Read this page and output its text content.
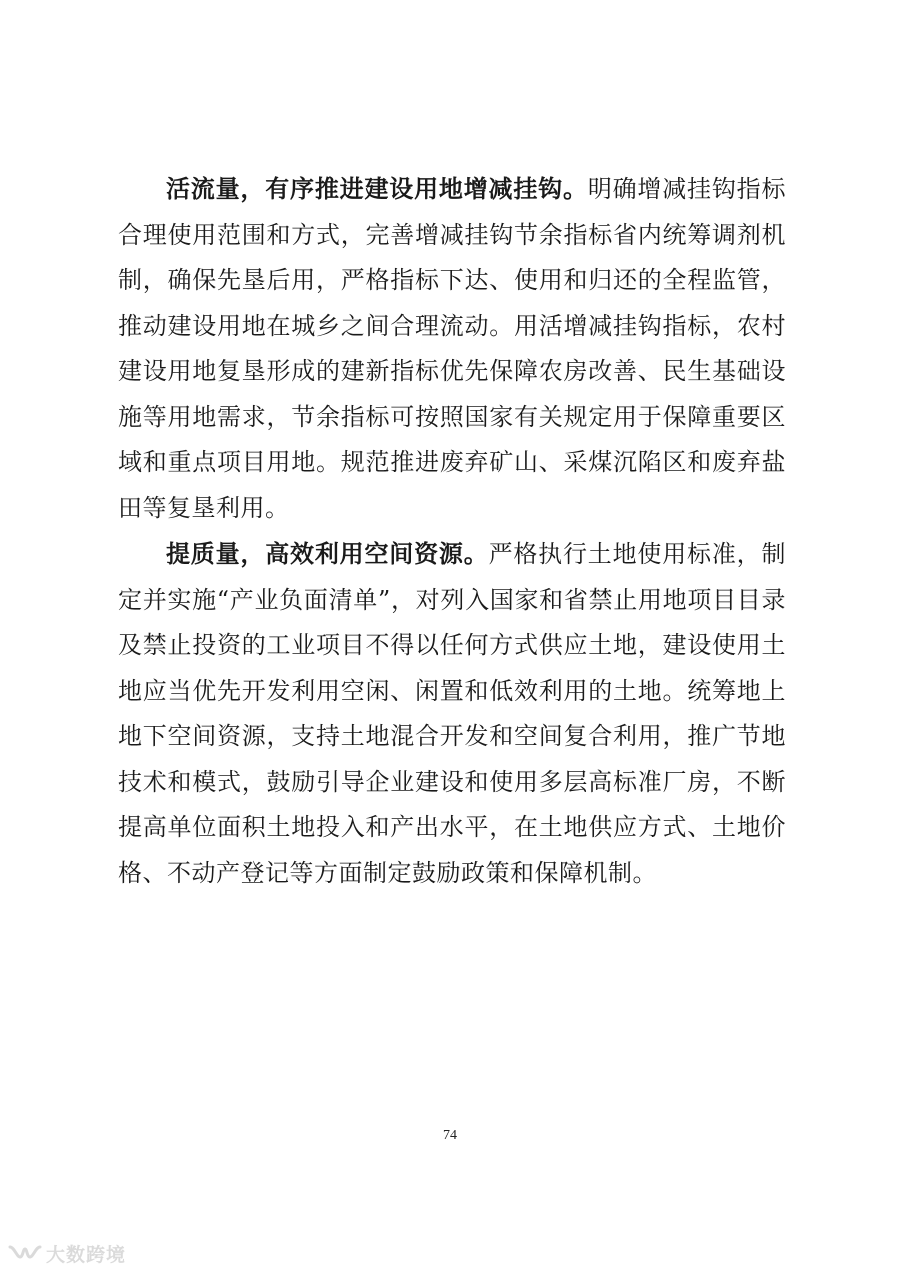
活流量，有序推进建设用地增减挂钩。明确增减挂钩指标合理使用范围和方式，完善增减挂钩节余指标省内统筹调剂机制，确保先垦后用，严格指标下达、使用和归还的全程监管，推动建设用地在城乡之间合理流动。用活增减挂钩指标，农村建设用地复垦形成的建新指标优先保障农房改善、民生基础设施等用地需求，节余指标可按照国家有关规定用于保障重要区域和重点项目用地。规范推进废弃矿山、采煤沉陷区和废弃盐田等复垦利用。

提质量，高效利用空间资源。严格执行土地使用标准，制定并实施“产业负面清单”，对列入国家和省禁止用地项目目录及禁止投资的工业项目不得以任何方式供应土地，建设使用土地应当优先开发利用空闲、闲置和低效利用的土地。统筹地上地下空间资源，支持土地混合开发和空间复合利用，推广节地技术和模式，鼓励引导企业建设和使用多层高标准厂房，不断提高单位面积土地投入和产出水平，在土地供应方式、土地价格、不动产登记等方面制定鼓励政策和保障机制。

74
大数跨境
